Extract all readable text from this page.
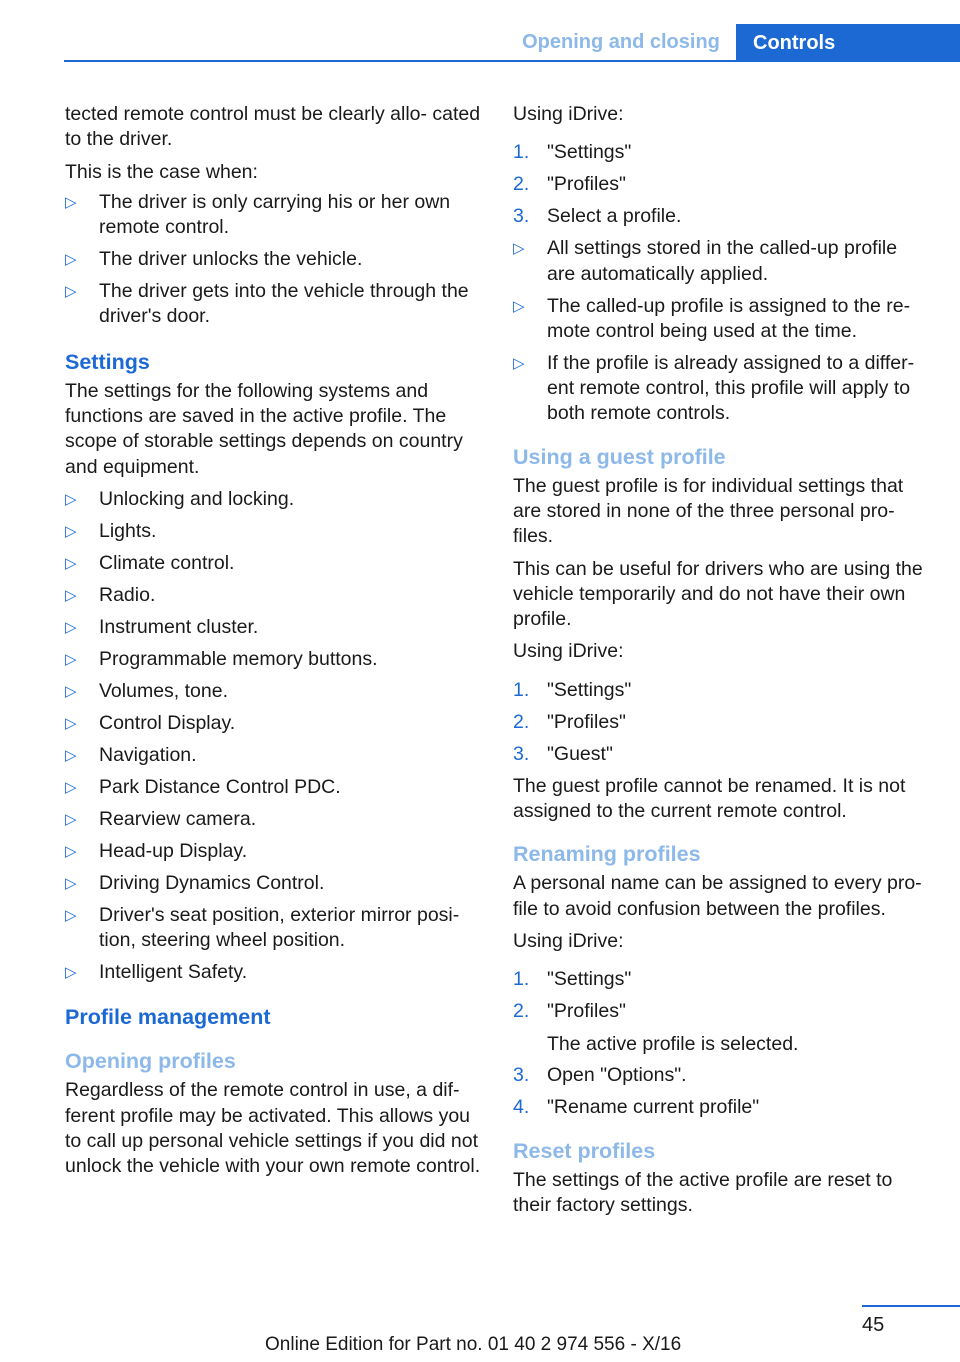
Opening and closing	Controls

tected remote control must be clearly allo‐ cated to the driver.

This is the case when:

▷ The driver is only carrying his or her own remote control.
▷ The driver unlocks the vehicle.
▷ The driver gets into the vehicle through the driver's door.
Settings

The settings for the following systems and functions are saved in the active profile. The scope of storable settings depends on country and equipment.

▷ Unlocking and locking.
▷ Lights.
▷ Climate control.
▷ Radio.
▷ Instrument cluster.
▷ Programmable memory buttons.
▷ Volumes, tone.
▷ Control Display.
▷ Navigation.
▷ Park Distance Control PDC.
▷ Rearview camera.
▷ Head-up Display.
▷ Driving Dynamics Control.
▷ Driver's seat position, exterior mirror posi‐ tion, steering wheel position.
▷ Intelligent Safety.
Profile management
Opening profiles

Regardless of the remote control in use, a dif‐ ferent profile may be activated. This allows you to call up personal vehicle settings if you did not unlock the vehicle with your own remote control.

Using iDrive:

1. "Settings"
2. "Profiles"
3. Select a profile.
▷ All settings stored in the called-up profile are automatically applied.
▷ The called-up profile is assigned to the re‐ mote control being used at the time.
▷ If the profile is already assigned to a differ‐ ent remote control, this profile will apply to both remote controls.
Using a guest profile

The guest profile is for individual settings that are stored in none of the three personal pro‐ files.

This can be useful for drivers who are using the vehicle temporarily and do not have their own profile.

Using iDrive:

1. "Settings"
2. "Profiles"
3. "Guest"

The guest profile cannot be renamed. It is not assigned to the current remote control.

Renaming profiles

A personal name can be assigned to every pro‐ file to avoid confusion between the profiles.

Using iDrive:

1. "Settings"
2. "Profiles"
The active profile is selected.
3. Open "Options".
4. "Rename current profile"
Reset profiles

The settings of the active profile are reset to their factory settings.

45
Online Edition for Part no. 01 40 2 974 556 - X/16
